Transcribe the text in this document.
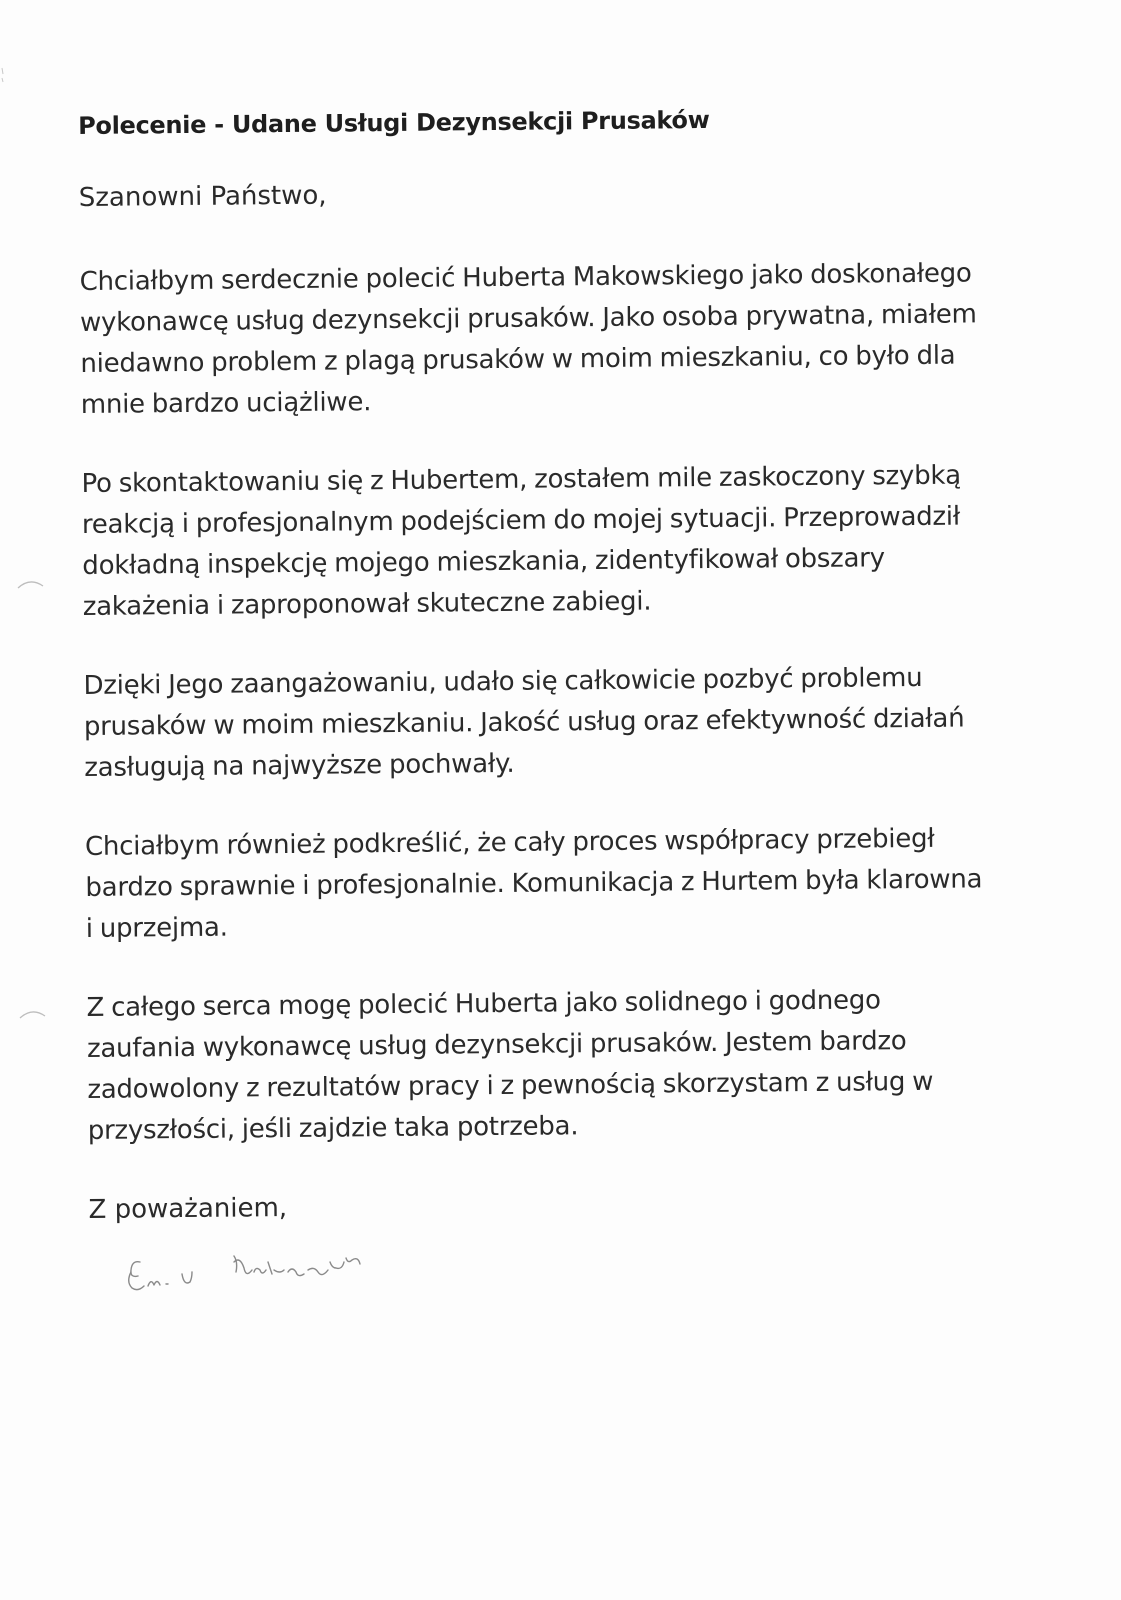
Polecenie - Udane Usługi Dezynsekcji Prusaków

Szanowni Państwo,

Chciałbym serdecznie polecić Huberta Makowskiego jako doskonałego wykonawcę usług dezynsekcji prusaków. Jako osoba prywatna, miałem niedawno problem z plagą prusaków w moim mieszkaniu, co było dla mnie bardzo uciążliwe.

Po skontaktowaniu się z Hubertem, zostałem mile zaskoczony szybką reakcją i profesjonalnym podejściem do mojej sytuacji. Przeprowadził dokładną inspekcję mojego mieszkania, zidentyfikował obszary zakażenia i zaproponował skuteczne zabiegi.

Dzięki Jego zaangażowaniu, udało się całkowicie pozbyć problemu prusaków w moim mieszkaniu. Jakość usług oraz efektywność działań zasługują na najwyższe pochwały.

Chciałbym również podkreślić, że cały proces współpracy przebiegł bardzo sprawnie i profesjonalnie. Komunikacja z Hurtem była klarowna i uprzejma.

Z całego serca mogę polecić Huberta jako solidnego i godnego zaufania wykonawcę usług dezynsekcji prusaków. Jestem bardzo zadowolony z rezultatów pracy i z pewnością skorzystam z usług w przyszłości, jeśli zajdzie taka potrzeba.

Z poważaniem,
